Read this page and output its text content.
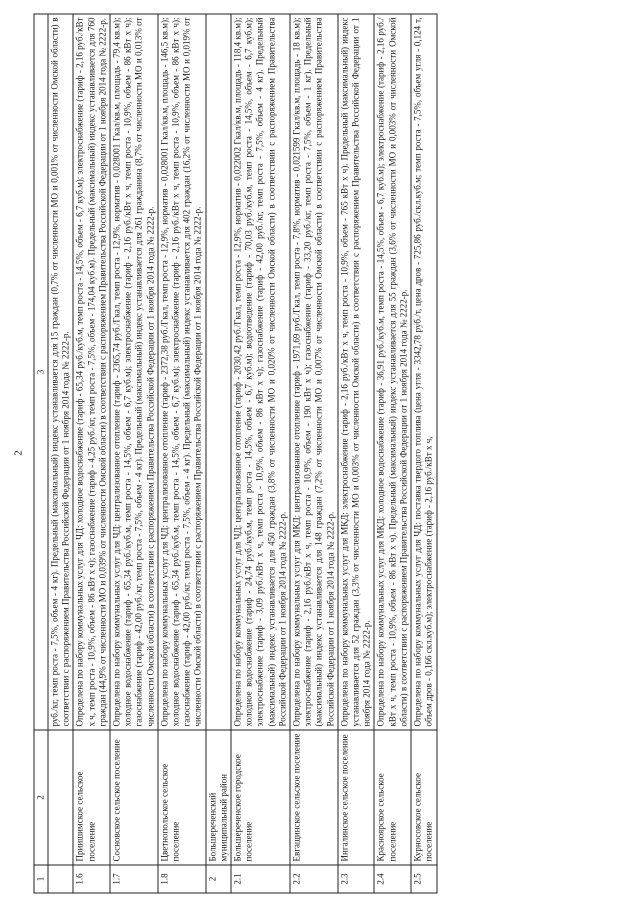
2
1	2	3
		руб./кг, темп роста - 7,5%, объем - 4 кг). Предельный (максимальный) индекс устанавливается для 15 граждан (0,7% от численности МО и 0,001% от численности Омской области) в соответствии с распоряжением Правительства Российской Федерации от 1 ноября 2014 года № 2222-р.
1.6	Приишимское сельское поселение	Определена по набору коммунальных услуг для ЧД: холодное водоснабжение (тариф - 65,34 руб./куб.м, темп роста - 14,5%, объем - 6,7 куб.м); электроснабжение (тариф - 2,16 руб./кВт х ч, темп роста - 10,9%, объем - 86 кВт х ч); газоснабжение (тариф - 4,25 руб./кг, темп роста - 7,5%, объем - 174,04 куб.м). Предельный (максимальный) индекс устанавливается для 760 граждан (44,9% от численности МО и 0,039% от численности Омской области) в соответствии с распоряжением Правительства Российской Федерации от 1 ноября 2014 года № 2222-р.
1.7	Сосновское сельское поселение	Определена по набору коммунальных услуг для ЧД: централизованное отопление (тариф - 2365,74 руб./Гкал, темп роста - 12,9%, норматив - 0,028001 Гкал/кв.м, площадь - 79,4 кв.м); холодное водоснабжение (тариф - 65,34 руб./куб.м, темп роста - 14,5%, объем - 6,7 куб.м); электроснабжение (тариф - 2,16 руб./кВт х ч, темп роста - 10,9%, объем - 86 кВт х ч); газоснабжение (тариф - 42,00 руб./кг, темп роста - 7,5%, объем - 4 кг). Предельный (максимальный) индекс устанавливается для 261 гражданина (8,7% от численности МО и 0,013% от численности Омской области) в соответствии с распоряжением Правительства Российской Федерации от 1 ноября 2014 года № 2222-р.
1.8	Цветнопольское сельское поселение	Определена по набору коммунальных услуг для ЧД: централизованное отопление (тариф - 2372,38 руб./Гкал, темп роста - 12,9%, норматив - 0,028001 Гкал/кв.м, площадь - 146,5 кв.м); холодное водоснабжение (тариф - 65,34 руб./куб.м, темп роста - 14,5%, объем - 6,7 куб.м); электроснабжение (тариф - 2,16 руб./кВт х ч, темп роста - 10,9%, объем - 86 кВт х ч); газоснабжение (тариф - 42,00 руб./кг, темп роста - 7,5%, объем - 4 кг). Предельный (максимальный) индекс устанавливается для 402 граждан (16,2% от численности МО и 0,019% от численности Омской области) в соответствии с распоряжением Правительства Российской Федерации от 1 ноября 2014 года № 2222-р.
2	Большереченский муниципальный район	
2.1	Большереченское городское поселение	Определена по набору коммунальных услуг для ЧД: централизованное отопление (тариф - 2030,42 руб./Гкал, темп роста - 12,9%, норматив - 0,022002 Гкал/кв.м, площадь - 118,4 кв.м); холодное водоснабжение (тариф - 24,74 руб./куб.м, темп роста - 14,5%, объем - 6,7 куб.м); водоотведение (тариф - 70,03 руб./куб.м, темп роста - 14,5%, объем - 6,7 куб.м); электроснабжение (тариф - 3,09 руб./кВт х ч, темп роста - 10,9%, объем - 86 кВт х ч); газоснабжение (тариф - 42,00 руб./кг, темп роста - 7,5%, объем - 4 кг). Предельный (максимальный) индекс устанавливается для 450 граждан (3,8% от численности МО и 0,020% от численности Омской области) в соответствии с распоряжением Правительства Российской Федерации от 1 ноября 2014 года № 2222-р.
2.2	Евгащинское сельское поселение	Определена по набору коммунальных услуг для МКД: централизованное отопление (тариф - 1971,69 руб./Гкал, темп роста - 7,8%, норматив - 0,021599 Гкал/кв.м, площадь - 18 кв.м); электроснабжение (тариф - 2,16 руб./кВт х ч, темп роста - 10,9%, объем - 190 кВт х ч); газоснабжение (тариф - 33,20 руб./кг, темп роста - 7,5%, объем - 1 кг). Предельный (максимальный) индекс устанавливается для 148 граждан (7,2% от численности МО и 0,007% от численности Омской области) в соответствии с распоряжением Правительства Российской Федерации от 1 ноября 2014 года № 2222-р.
2.3	Ингалинское сельское поселение	Определена по набору коммунальных услуг для МКД: электроснабжение (тариф - 2,16 руб./кВт х ч, темп роста - 10,9%, объем - 765 кВт х ч). Предельный (максимальный) индекс устанавливается для 52 граждан (3,3% от численности МО и 0,003% от численности Омской области) в соответствии с распоряжением Правительства Российской Федерации от 1 ноября 2014 года № 2222-р.
2.4	Красноярское сельское поселение	Определена по набору коммунальных услуг для МКД: холодное водоснабжение (тариф - 36,91 руб./куб.м, темп роста - 14,5%, объем - 6,7 куб.м); электроснабжение (тариф - 2,16 руб./кВт х ч, темп роста - 10,9%, объем - 86 кВт х ч). Предельный (максимальный) индекс устанавливается для 55 граждан (3,6% от численности МО и 0,003% от численности Омской области) в соответствии с распоряжением Правительства Российской Федерации от 1 ноября 2014 года № 2222-р.
2.5	Курносовское сельское поселение	Определена по набору коммунальных услуг для ЧД: поставка твердого топлива (цена угля - 3342,78 руб./т, цена дров - 725,86 руб./скл.куб.м; темп роста - 7,5%, объем угля - 0,124 т, объем дров - 0,166 скл.куб.м); электроснабжение (тариф - 2,16 руб./кВт х ч,
